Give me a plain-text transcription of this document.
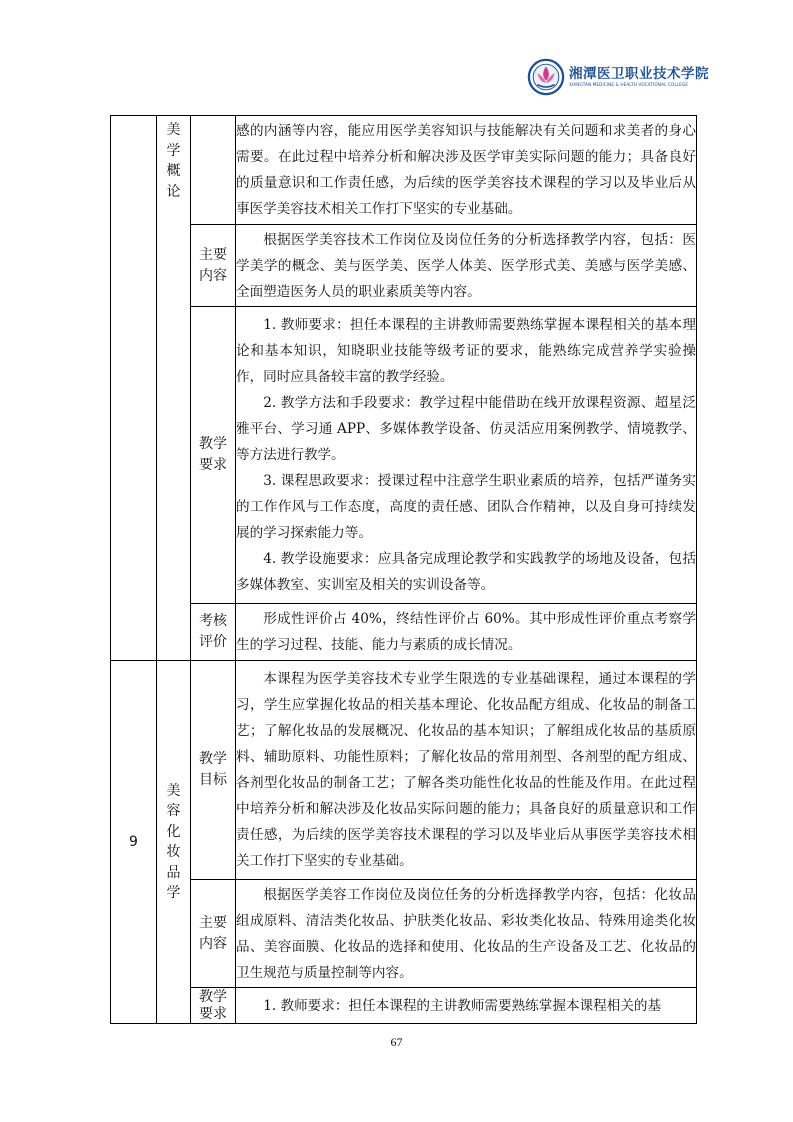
湘潭医卫职业技术学院
XIANGTAN MEDICINE & HEALTH VOCATIONAL COLLEGE
	美学概论		感的内涵等内容，能应用医学美容知识与技能解决有关问题和求美者的身心需要。在此过程中培养分析和解决涉及医学审美实际问题的能力；具备良好的质量意识和工作责任感，为后续的医学美容技术课程的学习以及毕业后从事医学美容技术相关工作打下坚实的专业基础。

		主要内容	根据医学美容技术工作岗位及岗位任务的分析选择教学内容，包括：医学美学的概念、美与医学美、医学人体美、医学形式美、美感与医学美感、全面塑造医务人员的职业素质美等内容。

		教学要求	1. 教师要求：担任本课程的主讲教师需要熟练掌握本课程相关的基本理论和基本知识，知晓职业技能等级考证的要求，能熟练完成营养学实验操作，同时应具备较丰富的教学经验。

2. 教学方法和手段要求：教学过程中能借助在线开放课程资源、超星泛雅平台、学习通 APP、多媒体教学设备、仿灵活应用案例教学、情境教学、等方法进行教学。

3. 课程思政要求：授课过程中注意学生职业素质的培养，包括严谨务实的工作作风与工作态度，高度的责任感、团队合作精神，以及自身可持续发展的学习探索能力等。

4. 教学设施要求：应具备完成理论教学和实践教学的场地及设备，包括多媒体教室、实训室及相关的实训设备等。

		考核评价	形成性评价占 40%，终结性评价占 60%。其中形成性评价重点考察学生的学习过程、技能、能力与素质的成长情况。

9	美容化妆品学	教学目标	本课程为医学美容技术专业学生限选的专业基础课程，通过本课程的学习，学生应掌握化妆品的相关基本理论、化妆品配方组成、化妆品的制备工艺；了解化妆品的发展概况、化妆品的基本知识；了解组成化妆品的基质原料、辅助原料、功能性原料；了解化妆品的常用剂型、各剂型的配方组成、各剂型化妆品的制备工艺；了解各类功能性化妆品的性能及作用。在此过程中培养分析和解决涉及化妆品实际问题的能力；具备良好的质量意识和工作责任感，为后续的医学美容技术课程的学习以及毕业后从事医学美容技术相关工作打下坚实的专业基础。

		主要内容	根据医学美容工作岗位及岗位任务的分析选择教学内容，包括：化妆品组成原料、清洁类化妆品、护肤类化妆品、彩妆类化妆品、特殊用途类化妆品、美容面膜、化妆品的选择和使用、化妆品的生产设备及工艺、化妆品的卫生规范与质量控制等内容。

		教学要求	1. 教师要求：担任本课程的主讲教师需要熟练掌握本课程相关的基

67
